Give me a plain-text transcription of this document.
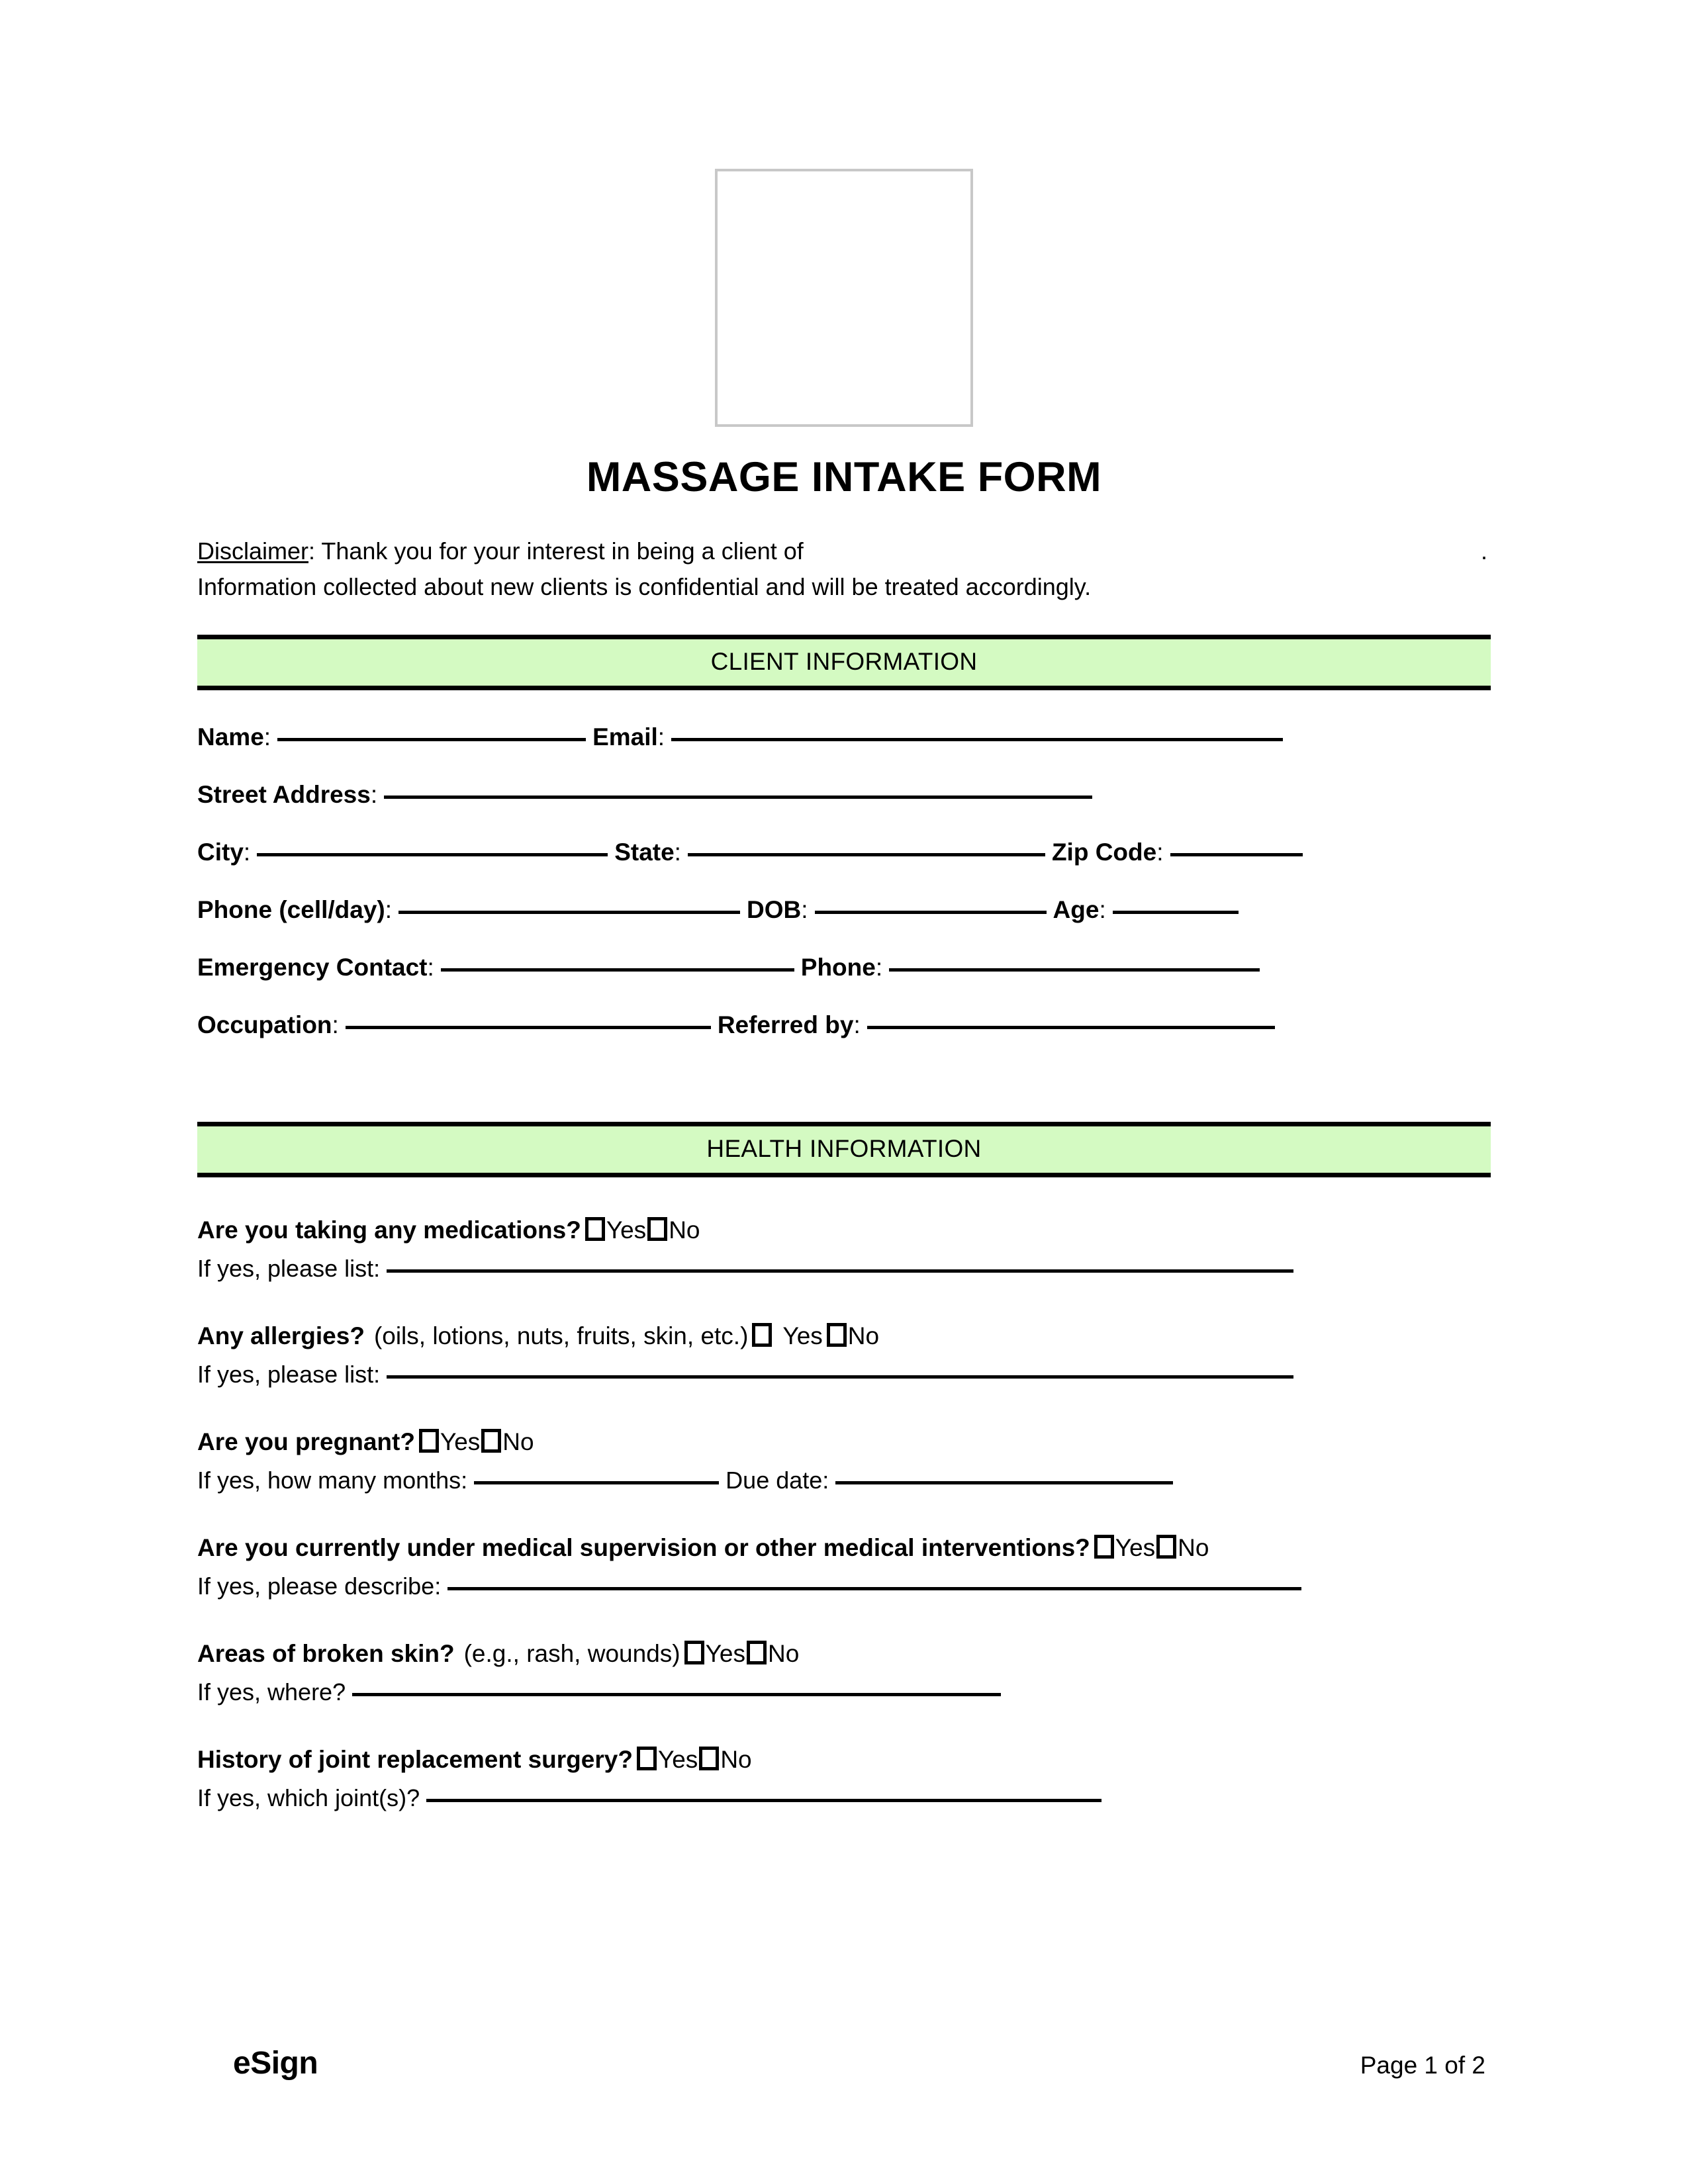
MASSAGE INTAKE FORM
Disclaimer: Thank you for your interest in being a client of	.
Information collected about new clients is confidential and will be treated accordingly.
CLIENT INFORMATION
Name :	Email :
Street Address :
City :	State :	Zip Code :
Phone (cell/day) :	DOB :	Age :
Emergency Contact :	Phone :
Occupation :	Referred by :
HEALTH INFORMATION
Are you taking any medications? Yes No
If yes, please list:
Any allergies? (oils, lotions, nuts, fruits, skin, etc.) Yes No
If yes, please list:
Are you pregnant? Yes No
If yes, how many months:	Due date:
Are you currently under medical supervision or other medical interventions? Yes No
If yes, please describe:
Areas of broken skin? (e.g., rash, wounds) Yes No
If yes, where?
History of joint replacement surgery? Yes No
If yes, which joint(s)?
eSign	Page 1 of 2
